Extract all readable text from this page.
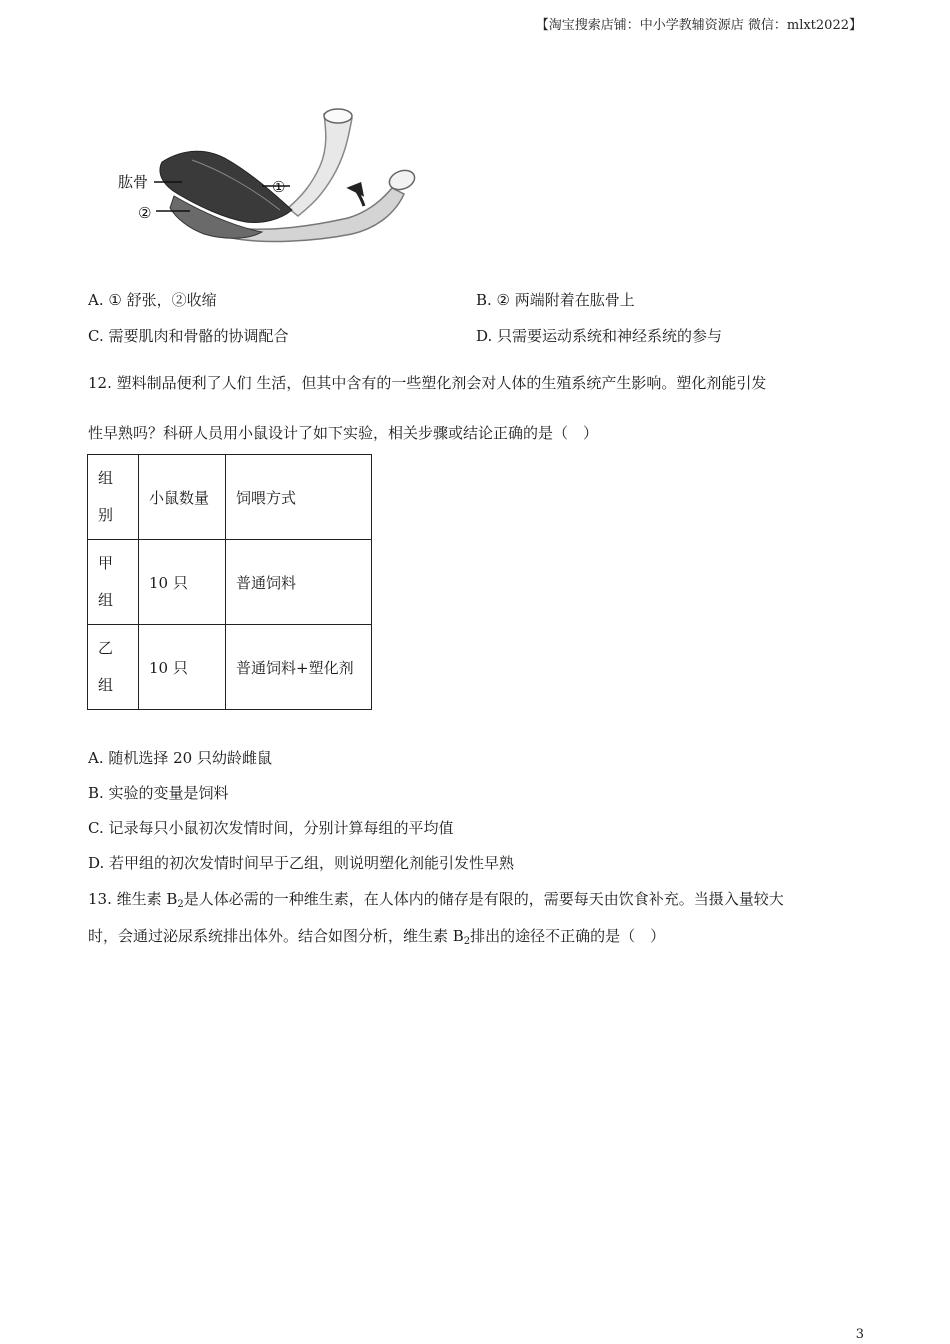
【淘宝搜索店铺：中小学教辅资源店 微信：mlxt2022】
肱骨	①
②
A. ① 舒张，②收缩	B. ② 两端附着在肱骨上
C. 需要肌肉和骨骼的协调配合	D. 只需要运动系统和神经系统的参与
12. 塑料制品便利了人们 生活，但其中含有的一些塑化剂会对人体的生殖系统产生影响。塑化剂能引发
性早熟吗？科研人员用小鼠设计了如下实验，相关步骤或结论正确的是（　）
组
别	小鼠数量	饲喂方式

甲
组	10 只	普通饲料

乙
组	10 只	普通饲料+塑化剂
A. 随机选择 20 只幼龄雌鼠
B. 实验的变量是饲料
C. 记录每只小鼠初次发情时间，分别计算每组的平均值
D. 若甲组的初次发情时间早于乙组，则说明塑化剂能引发性早熟
13. 维生素 $B_2$是人体必需的一种维生素，在人体内的储存是有限的，需要每天由饮食补充。当摄入量较大
时，会通过泌尿系统排出体外。结合如图分析，维生素 $B_2$排出的途径不正确的是（　）
3
